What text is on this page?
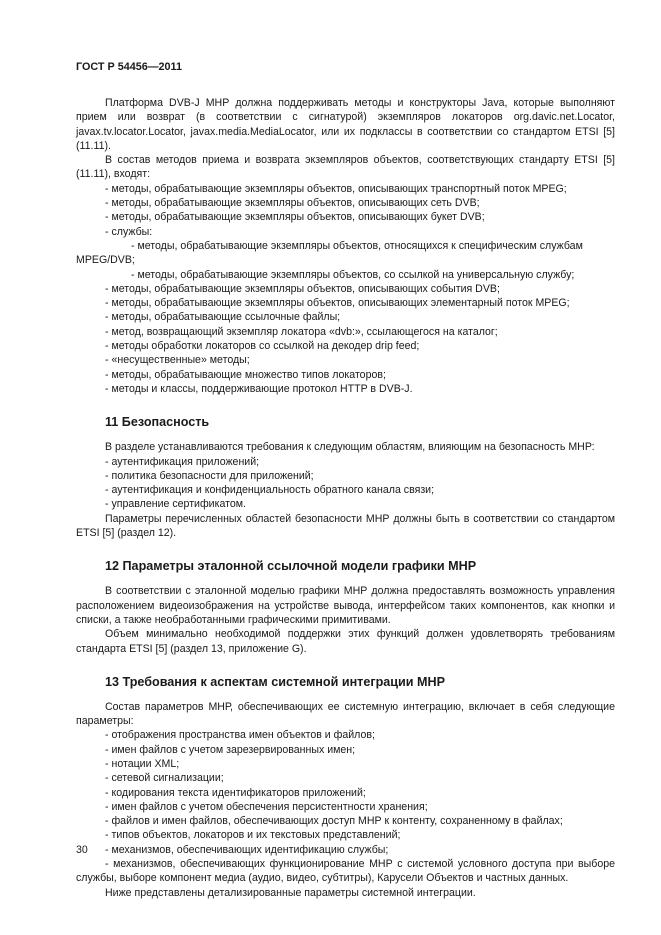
ГОСТ Р 54456—2011

Платформа DVB-J МНР должна поддерживать методы и конструкторы Java, которые выполняют прием или возврат (в соответствии с сигнатурой) экземпляров локаторов org.davic.net.Locator, javax.tv.locator.Locator, javax.media.MediaLocator, или их подклассы в соответствии со стандартом ETSI [5] (11.11).

В состав методов приема и возврата экземпляров объектов, соответствующих стандарту ETSI [5] (11.11), входят:

- методы, обрабатывающие экземпляры объектов, описывающих транспортный поток MPEG;

- методы, обрабатывающие экземпляры объектов, описывающих сеть DVB;

- методы, обрабатывающие экземпляры объектов, описывающих букет DVB;

- службы:

- методы, обрабатывающие экземпляры объектов, относящихся к специфическим службам MPEG/DVB;

- методы, обрабатывающие экземпляры объектов, со ссылкой на универсальную службу;

- методы, обрабатывающие экземпляры объектов, описывающих события DVB;

- методы, обрабатывающие экземпляры объектов, описывающих элементарный поток MPEG;

- методы, обрабатывающие ссылочные файлы;

- метод, возвращающий экземпляр локатора «dvb:», ссылающегося на каталог;

- методы обработки локаторов со ссылкой на декодер drip feed;

- «несущественные» методы;

- методы, обрабатывающие множество типов локаторов;

- методы и классы, поддерживающие протокол HTTP в DVB-J.

11 Безопасность

В разделе устанавливаются требования к следующим областям, влияющим на безопасность МНР:

- аутентификация приложений;

- политика безопасности для приложений;

- аутентификация и конфиденциальность обратного канала связи;

- управление сертификатом.

Параметры перечисленных областей безопасности МНР должны быть в соответствии со стандартом ETSI [5] (раздел 12).

12 Параметры эталонной ссылочной модели графики МНР

В соответствии с эталонной моделью графики МНР должна предоставлять возможность управления расположением видеоизображения на устройстве вывода, интерфейсом таких компонентов, как кнопки и списки, а также необработанными графическими примитивами.

Объем минимально необходимой поддержки этих функций должен удовлетворять требованиям стандарта ETSI [5] (раздел 13, приложение G).

13 Требования к аспектам системной интеграции МНР

Состав параметров МНР, обеспечивающих ее системную интеграцию, включает в себя следующие параметры:

- отображения пространства имен объектов и файлов;

- имен файлов с учетом зарезервированных имен;

- нотации XML;

- сетевой сигнализации;

- кодирования текста идентификаторов приложений;

- имен файлов с учетом обеспечения персистентности хранения;

- файлов и имен файлов, обеспечивающих доступ МНР к контенту, сохраненному в файлах;

- типов объектов, локаторов и их текстовых представлений;

- механизмов, обеспечивающих идентификацию службы;

- механизмов, обеспечивающих функционирование МНР с системой условного доступа при выборе службы, выборе компонент медиа (аудио, видео, субтитры), Карусели Объектов и частных данных.

Ниже представлены детализированные параметры системной интеграции.

30
